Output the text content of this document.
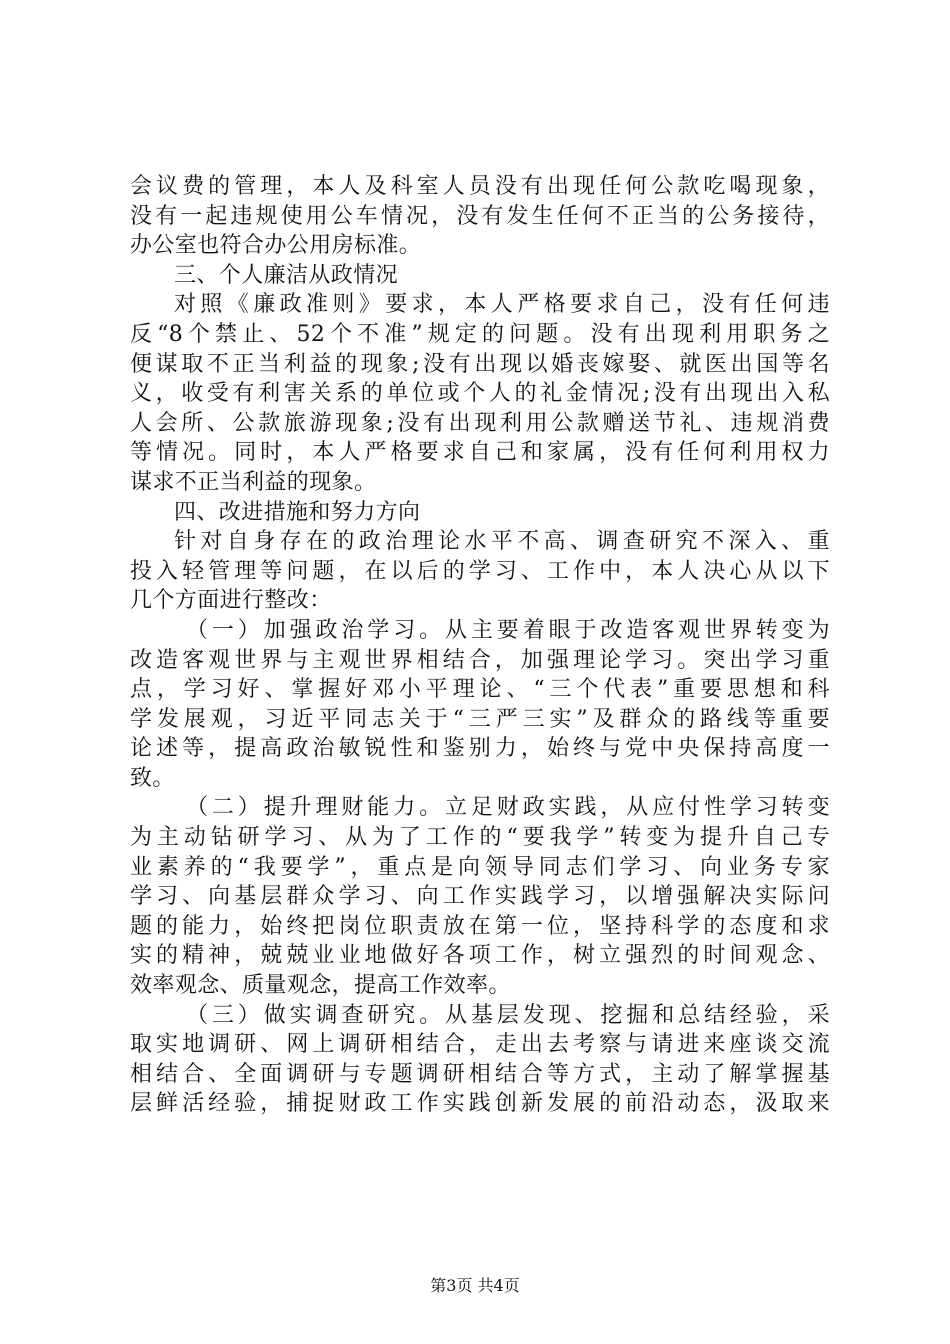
会议费的管理，本人及科室人员没有出现任何公款吃喝现象，
没有一起违规使用公车情况，没有发生任何不正当的公务接待，
办公室也符合办公用房标准。
三、个人廉洁从政情况
对照《廉政准则》要求，本人严格要求自己，没有任何违
反“8个禁止、52个不准”规定的问题。没有出现利用职务之
便谋取不正当利益的现象;没有出现以婚丧嫁娶、就医出国等名
义，收受有利害关系的单位或个人的礼金情况;没有出现出入私
人会所、公款旅游现象;没有出现利用公款赠送节礼、违规消费
等情况。同时，本人严格要求自己和家属，没有任何利用权力
谋求不正当利益的现象。
四、改进措施和努力方向
针对自身存在的政治理论水平不高、调查研究不深入、重
投入轻管理等问题，在以后的学习、工作中，本人决心从以下
几个方面进行整改：
（一）加强政治学习。从主要着眼于改造客观世界转变为
改造客观世界与主观世界相结合，加强理论学习。突出学习重
点，学习好、掌握好邓小平理论、“三个代表”重要思想和科
学发展观，习近平同志关于“三严三实”及群众的路线等重要
论述等，提高政治敏锐性和鉴别力，始终与党中央保持高度一
致。
（二）提升理财能力。立足财政实践，从应付性学习转变
为主动钻研学习、从为了工作的“要我学”转变为提升自己专
业素养的“我要学”，重点是向领导同志们学习、向业务专家
学习、向基层群众学习、向工作实践学习，以增强解决实际问
题的能力，始终把岗位职责放在第一位，坚持科学的态度和求
实的精神，兢兢业业地做好各项工作，树立强烈的时间观念、
效率观念、质量观念，提高工作效率。
（三）做实调查研究。从基层发现、挖掘和总结经验，采
取实地调研、网上调研相结合，走出去考察与请进来座谈交流
相结合、全面调研与专题调研相结合等方式，主动了解掌握基
层鲜活经验，捕捉财政工作实践创新发展的前沿动态，汲取来
第3页 共4页
